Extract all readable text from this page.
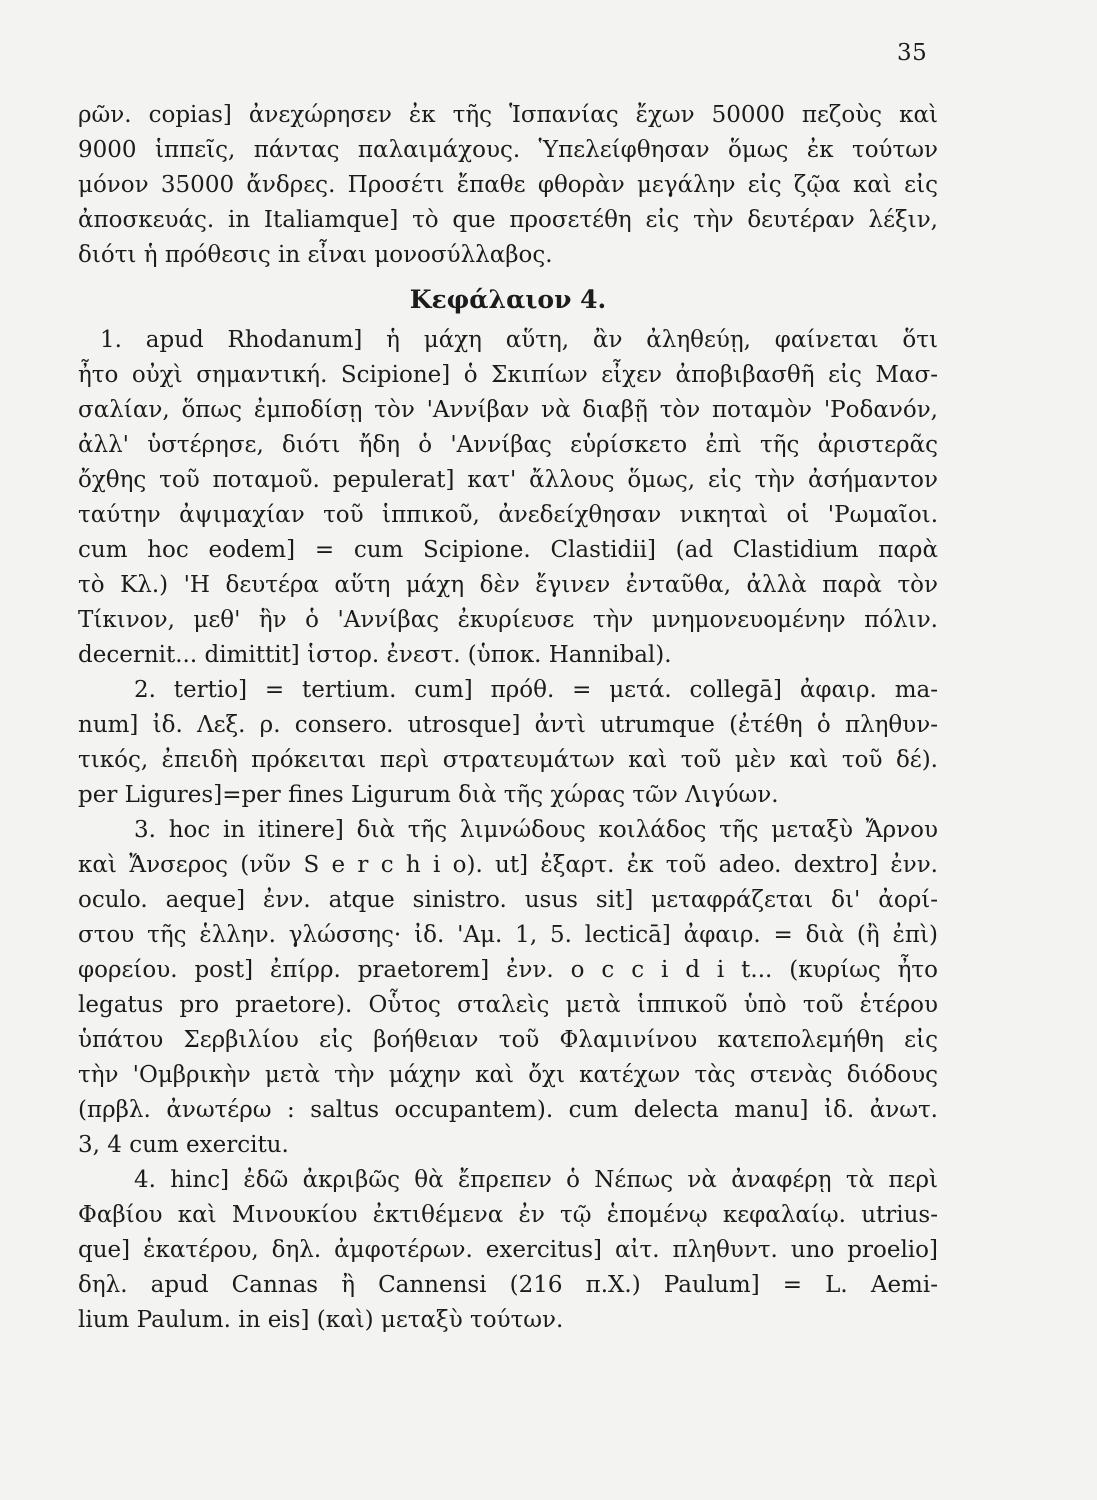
35
ρῶν. copias] ἀνεχώρησεν ἐκ τῆς Ἱσπανίας ἔχων 50000 πεζοὺς καὶ
9000 ἱππεῖς, πάντας παλαιμάχους. Ὑπελείφθησαν ὅμως ἐκ τούτων
μόνον 35000 ἄνδρες. Προσέτι ἔπαθε φθορὰν μεγάλην εἰς ζῷα καὶ εἰς
ἀποσκευάς. in Italiamque] τὸ que προσετέθη εἰς τὴν δευτέραν λέξιν,
διότι ἡ πρόθεσις in εἶναι μονοσύλλαβος.
Κεφάλαιον 4.
1. apud Rhodanum] ἡ μάχη αὕτη, ἂν ἀληθεύῃ, φαίνεται ὅτι
ἦτο οὐχὶ σημαντική. Scipione] ὁ Σκιπίων εἶχεν ἀποβιβασθῆ εἰς Μασ-
σαλίαν, ὅπως ἐμποδίσῃ τὸν 'Αννίβαν νὰ διαβῇ τὸν ποταμὸν 'Ροδανόν,
ἀλλ' ὑστέρησε, διότι ἤδη ὁ 'Αννίβας εὑρίσκετο ἐπὶ τῆς ἀριστερᾶς
ὄχθης τοῦ ποταμοῦ. pepulerat] κατ' ἄλλους ὅμως, εἰς τὴν ἀσήμαντον
ταύτην ἀψιμαχίαν τοῦ ἱππικοῦ, ἀνεδείχθησαν νικηταὶ οἱ 'Ρωμαῖοι.
cum hoc eodem] = cum Scipione. Clastidii] (ad Clastidium παρὰ
τὸ Κλ.) 'Η δευτέρα αὕτη μάχη δὲν ἔγινεν ἐνταῦθα, ἀλλὰ παρὰ τὸν
Τίκινον, μεθ' ἣν ὁ 'Αννίβας ἐκυρίευσε τὴν μνημονευομένην πόλιν.
decernit... dimittit] ἱστορ. ἐνεστ. (ὑποκ. Hannibal).
2. tertio] = tertium. cum] πρόθ. = μετά. collegā] ἀφαιρ. ma-
num] ἰδ. Λεξ. ρ. consero. utrosque] ἀντὶ utrumque (ἐτέθη ὁ πληθυν-
τικός, ἐπειδὴ πρόκειται περὶ στρατευμάτων καὶ τοῦ μὲν καὶ τοῦ δέ).
per Ligures]=per fines Ligurum διὰ τῆς χώρας τῶν Λιγύων.
3. hoc in itinere] διὰ τῆς λιμνώδους κοιλάδος τῆς μεταξὺ Ἄρνου
καὶ Ἄνσερος (νῦν S e r c h i o). ut] ἐξαρτ. ἐκ τοῦ adeo. dextro] ἐνν.
oculo. aeque] ἐνν. atque sinistro. usus sit] μεταφράζεται δι' ἀορί-
στου τῆς ἑλλην. γλώσσης· ἰδ. 'Αμ. 1, 5. lecticā] ἀφαιρ. = διὰ (ἢ ἐπὶ)
φορείου. post] ἐπίρρ. praetorem] ἐνν. o c c i d i t... (κυρίως ἦτο
legatus pro praetore). Οὗτος σταλεὶς μετὰ ἱππικοῦ ὑπὸ τοῦ ἑτέρου
ὑπάτου Σερβιλίου εἰς βοήθειαν τοῦ Φλαμινίνου κατεπολεμήθη εἰς
τὴν 'Ομβρικὴν μετὰ τὴν μάχην καὶ ὄχι κατέχων τὰς στενὰς διόδους
(πρβλ. ἀνωτέρω : saltus occupantem). cum delecta manu] ἰδ. ἀνωτ.
3, 4 cum exercitu.
4. hinc] ἐδῶ ἀκριβῶς θὰ ἔπρεπεν ὁ Νέπως νὰ ἀναφέρῃ τὰ περὶ
Φαβίου καὶ Μινουκίου ἐκτιθέμενα ἐν τῷ ἑπομένῳ κεφαλαίῳ. utrius-
que] ἑκατέρου, δηλ. ἀμφοτέρων. exercitus] αἰτ. πληθυντ. uno proelio]
δηλ. apud Cannas ἢ Cannensi (216 π.Χ.) Paulum] = L. Aemi-
lium Paulum. in eis] (καὶ) μεταξὺ τούτων.
